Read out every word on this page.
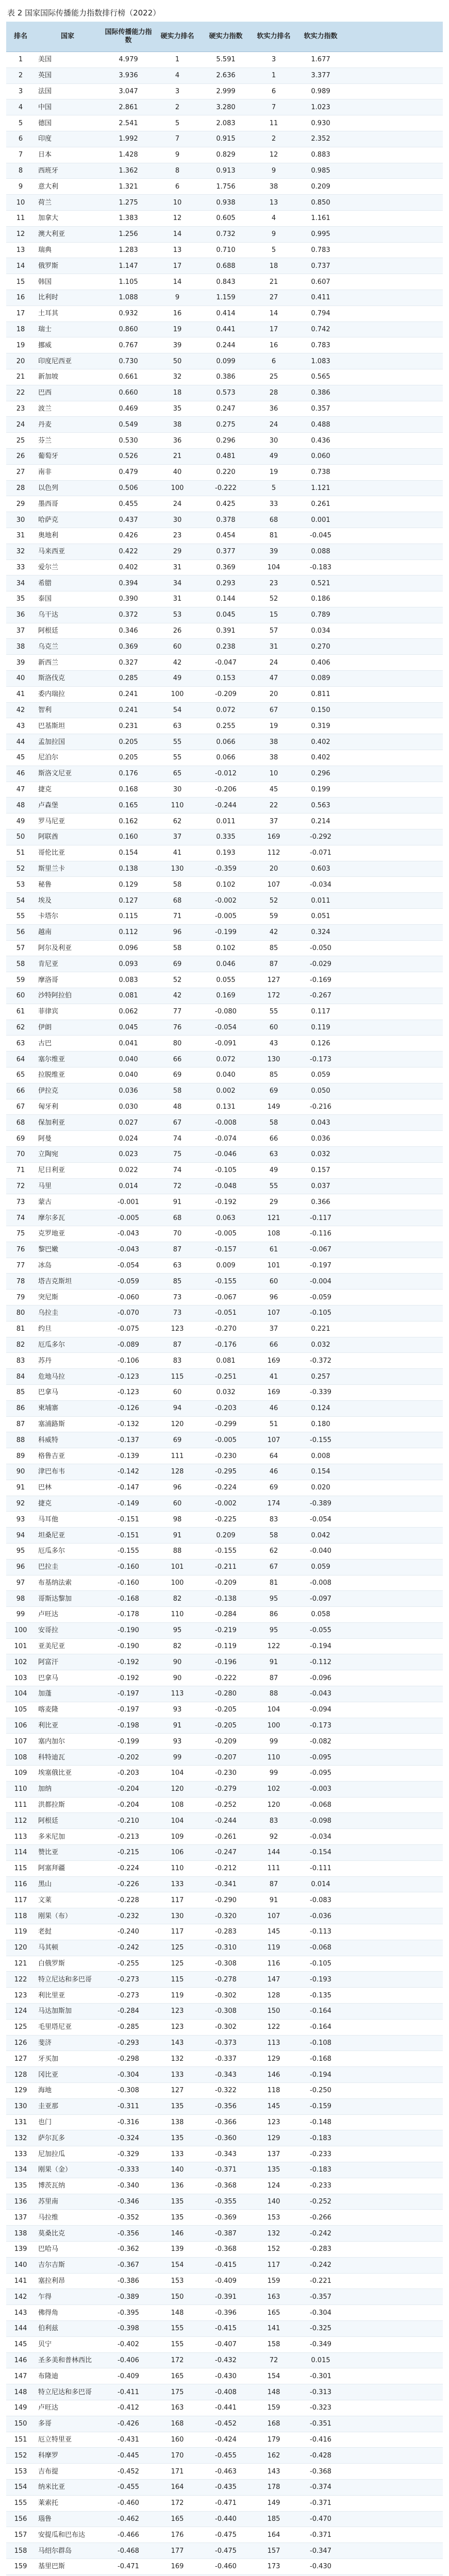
表 2 国家国际传播能力指数排行榜（2022）
排名	国家	国际传播能力指数	硬实力排名	硬实力指数	软实力排名	软实力指数	
1	美国	4.979	1	5.591	3	1.677	
2	英国	3.936	4	2.636	1	3.377	
3	法国	3.047	3	2.999	6	0.989	
4	中国	2.861	2	3.280	7	1.023	
5	德国	2.541	5	2.083	11	0.930	
6	印度	1.992	7	0.915	2	2.352	
7	日本	1.428	9	0.829	12	0.883	
8	西班牙	1.362	8	0.913	9	0.985	
9	意大利	1.321	6	1.756	38	0.209	
10	荷兰	1.275	10	0.938	13	0.850	
11	加拿大	1.383	12	0.605	4	1.161	
12	澳大利亚	1.256	14	0.732	9	0.995	
13	瑞典	1.283	13	0.710	5	0.783	
14	俄罗斯	1.147	17	0.688	18	0.737	
15	韩国	1.105	14	0.843	21	0.607	
16	比利时	1.088	9	1.159	27	0.411	
17	土耳其	0.932	16	0.414	14	0.794	
18	瑞士	0.860	19	0.441	17	0.742	
19	挪威	0.767	39	0.244	16	0.783	
20	印度尼西亚	0.730	50	0.099	6	1.083	
21	新加坡	0.661	32	0.386	25	0.565	
22	巴西	0.660	18	0.573	28	0.386	
23	波兰	0.469	35	0.247	36	0.357	
24	丹麦	0.549	38	0.275	24	0.488	
25	芬兰	0.530	36	0.296	30	0.436	
26	葡萄牙	0.526	21	0.481	49	0.060	
27	南非	0.479	40	0.220	19	0.738	
28	以色列	0.506	100	-0.222	5	1.121	
29	墨西哥	0.455	24	0.425	33	0.261	
30	哈萨克	0.437	30	0.378	68	0.001	
31	奥地利	0.426	23	0.454	81	-0.045	
32	马来西亚	0.422	29	0.377	39	0.088	
33	爱尔兰	0.402	31	0.369	104	-0.183	
34	希腊	0.394	34	0.293	23	0.521	
35	泰国	0.390	31	0.144	52	0.186	
36	乌干达	0.372	53	0.045	15	0.789	
37	阿根廷	0.346	26	0.391	57	0.034	
38	乌克兰	0.369	60	0.238	31	0.270	
39	新西兰	0.327	42	-0.047	24	0.406	
40	斯洛伐克	0.285	49	0.153	47	0.089	
41	委内瑞拉	0.241	100	-0.209	20	0.811	
42	智利	0.241	54	0.072	67	0.150	
43	巴基斯坦	0.231	63	0.255	19	0.319	
44	孟加拉国	0.205	55	0.066	38	0.402	
45	尼泊尔	0.205	55	0.066	38	0.402	
46	斯洛文尼亚	0.176	65	-0.012	10	0.296	
47	捷克	0.168	30	-0.206	45	0.199	
48	卢森堡	0.165	110	-0.244	22	0.563	
49	罗马尼亚	0.162	62	0.011	37	0.214	
50	阿联酋	0.160	37	0.335	169	-0.292	
51	哥伦比亚	0.154	41	0.193	112	-0.071	
52	斯里兰卡	0.138	130	-0.359	20	0.603	
53	秘鲁	0.129	58	0.102	107	-0.034	
54	埃及	0.127	68	-0.002	52	0.011	
55	卡塔尔	0.115	71	-0.005	59	0.051	
56	越南	0.112	96	-0.199	42	0.324	
57	阿尔及利亚	0.096	58	0.102	85	-0.050	
58	肯尼亚	0.093	69	0.046	87	-0.029	
59	摩洛哥	0.083	52	0.055	127	-0.169	
60	沙特阿拉伯	0.081	42	0.169	172	-0.267	
61	菲律宾	0.062	77	-0.080	55	0.117	
62	伊朗	0.045	76	-0.054	60	0.119	
63	古巴	0.041	80	-0.091	43	0.126	
64	塞尔维亚	0.040	66	0.072	130	-0.173	
65	拉脱维亚	0.040	69	0.040	85	0.059	
66	伊拉克	0.036	58	0.002	69	0.050	
67	匈牙利	0.030	48	0.131	149	-0.216	
68	保加利亚	0.027	67	-0.008	58	0.043	
69	阿曼	0.024	74	-0.074	66	0.036	
70	立陶宛	0.023	75	-0.046	63	0.032	
71	尼日利亚	0.022	74	-0.105	49	0.157	
72	马里	0.014	72	-0.048	55	0.037	
73	蒙古	-0.001	91	-0.192	29	0.366	
74	摩尔多瓦	-0.005	68	0.063	121	-0.117	
75	克罗地亚	-0.043	70	-0.005	108	-0.116	
76	黎巴嫩	-0.043	87	-0.157	61	-0.067	
77	冰岛	-0.054	63	0.009	101	-0.197	
78	塔吉克斯坦	-0.059	85	-0.155	60	-0.004	
79	突尼斯	-0.060	73	-0.067	96	-0.059	
80	乌拉圭	-0.070	73	-0.051	107	-0.105	
81	约旦	-0.075	123	-0.270	37	0.221	
82	厄瓜多尔	-0.089	87	-0.176	66	0.032	
83	苏丹	-0.106	83	0.081	169	-0.372	
84	危地马拉	-0.123	115	-0.251	41	0.257	
85	巴拿马	-0.123	60	0.032	169	-0.339	
86	柬埔寨	-0.126	94	-0.203	46	0.124	
87	塞浦路斯	-0.132	120	-0.299	51	0.180	
88	科威特	-0.137	69	-0.005	107	-0.155	
89	格鲁吉亚	-0.139	111	-0.230	64	0.008	
90	津巴布韦	-0.142	128	-0.295	46	0.154	
91	巴林	-0.147	96	-0.224	69	0.020	
92	捷克	-0.149	60	-0.002	174	-0.389	
93	马耳他	-0.151	98	-0.225	83	-0.054	
94	坦桑尼亚	-0.151	91	0.209	58	0.042	
95	厄瓜多尔	-0.155	88	-0.155	62	-0.040	
96	巴拉圭	-0.160	101	-0.211	67	0.059	
97	布基纳法索	-0.160	100	-0.209	81	-0.008	
98	哥斯达黎加	-0.168	82	-0.138	95	-0.097	
99	卢旺达	-0.178	110	-0.284	86	0.058	
100	安哥拉	-0.190	95	-0.219	95	-0.055	
101	亚美尼亚	-0.190	82	-0.119	122	-0.194	
102	阿富汗	-0.192	90	-0.196	91	-0.112	
103	巴拿马	-0.192	90	-0.222	87	-0.096	
104	加蓬	-0.197	113	-0.280	88	-0.043	
105	喀麦隆	-0.197	93	-0.205	104	-0.094	
106	利比亚	-0.198	91	-0.205	100	-0.173	
107	塞内加尔	-0.199	93	-0.209	99	-0.082	
108	科特迪瓦	-0.202	99	-0.207	110	-0.095	
109	埃塞俄比亚	-0.203	104	-0.230	99	-0.095	
110	加纳	-0.204	120	-0.279	102	-0.003	
111	洪都拉斯	-0.204	108	-0.252	120	-0.068	
112	阿根廷	-0.210	104	-0.244	83	-0.098	
113	多米尼加	-0.213	109	-0.261	92	-0.034	
114	赞比亚	-0.215	106	-0.247	144	-0.154	
115	阿塞拜疆	-0.224	110	-0.212	111	-0.111	
116	黑山	-0.226	133	-0.341	87	0.014	
117	文莱	-0.228	117	-0.290	91	-0.083	
118	刚果（布）	-0.232	130	-0.320	107	-0.036	
119	老挝	-0.240	117	-0.283	145	-0.113	
120	马其顿	-0.242	125	-0.310	119	-0.068	
121	白俄罗斯	-0.255	125	-0.308	116	-0.105	
122	特立尼达和多巴哥	-0.273	115	-0.278	147	-0.193	
123	利比里亚	-0.273	119	-0.302	128	-0.135	
124	马达加斯加	-0.284	123	-0.308	150	-0.164	
125	毛里塔尼亚	-0.285	123	-0.302	122	-0.164	
126	斐济	-0.293	143	-0.373	113	-0.108	
127	牙买加	-0.298	132	-0.337	129	-0.168	
128	冈比亚	-0.304	133	-0.343	146	-0.194	
129	海地	-0.308	127	-0.322	118	-0.250	
130	圭亚那	-0.311	135	-0.356	145	-0.159	
131	也门	-0.316	138	-0.366	123	-0.148	
132	萨尔瓦多	-0.324	135	-0.360	129	-0.183	
133	尼加拉瓜	-0.329	133	-0.343	137	-0.233	
134	刚果（金）	-0.333	140	-0.371	135	-0.183	
135	博茨瓦纳	-0.340	136	-0.368	124	-0.233	
136	苏里南	-0.346	135	-0.355	140	-0.252	
137	马拉维	-0.352	135	-0.369	153	-0.266	
138	莫桑比克	-0.356	146	-0.387	132	-0.242	
139	巴哈马	-0.362	139	-0.368	152	-0.283	
140	吉尔吉斯	-0.367	154	-0.415	117	-0.242	
141	塞拉利昂	-0.386	153	-0.409	159	-0.221	
142	乍得	-0.389	150	-0.391	163	-0.357	
143	佛得角	-0.395	148	-0.396	165	-0.304	
144	伯利兹	-0.398	155	-0.415	141	-0.325	
145	贝宁	-0.402	155	-0.407	158	-0.349	
146	圣多美和普林西比	-0.406	172	-0.432	72	0.015	
147	布隆迪	-0.409	165	-0.430	154	-0.301	
148	特立尼达和多巴哥	-0.411	175	-0.408	148	-0.313	
149	卢旺达	-0.412	163	-0.441	159	-0.323	
150	多哥	-0.426	168	-0.452	168	-0.351	
151	厄立特里亚	-0.431	160	-0.424	179	-0.416	
152	科摩罗	-0.445	170	-0.455	162	-0.428	
153	吉布提	-0.452	171	-0.463	143	-0.368	
154	纳米比亚	-0.455	164	-0.435	178	-0.374	
155	莱索托	-0.460	172	-0.471	149	-0.371	
156	瑙鲁	-0.462	165	-0.440	185	-0.470	
157	安提瓜和巴布达	-0.466	176	-0.475	164	-0.371	
158	马绍尔群岛	-0.468	177	-0.475	157	-0.347	
159	基里巴斯	-0.471	169	-0.460	173	-0.430	
